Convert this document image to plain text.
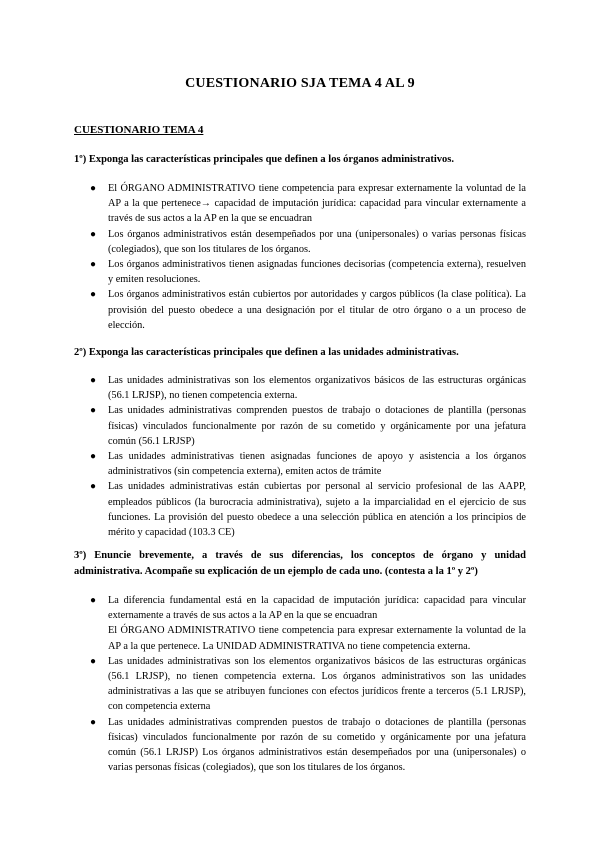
CUESTIONARIO SJA TEMA 4 AL 9
CUESTIONARIO TEMA 4

1º) Exponga las características principales que definen a los órganos administrativos.

● El ÓRGANO ADMINISTRATIVO tiene competencia para expresar externamente la voluntad de la AP a la que pertenece→ capacidad de imputación jurídica: capacidad para vincular externamente a través de sus actos a la AP en la que se encuadran

● Los órganos administrativos están desempeñados por una (unipersonales) o varias personas físicas (colegiados), que son los titulares de los órganos.

● Los órganos administrativos tienen asignadas funciones decisorias (competencia externa), resuelven y emiten resoluciones.

● Los órganos administrativos están cubiertos por autoridades y cargos públicos (la clase política). La provisión del puesto obedece a una designación por el titular de otro órgano o a un proceso de elección.

2º) Exponga las características principales que definen a las unidades administrativas.

● Las unidades administrativas son los elementos organizativos básicos de las estructuras orgánicas (56.1 LRJSP), no tienen competencia externa.

● Las unidades administrativas comprenden puestos de trabajo o dotaciones de plantilla (personas físicas) vinculados funcionalmente por razón de su cometido y orgánicamente por una jefatura común (56.1 LRJSP)

● Las unidades administrativas tienen asignadas funciones de apoyo y asistencia a los órganos administrativos (sin competencia externa), emiten actos de trámite

● Las unidades administrativas están cubiertas por personal al servicio profesional de las AAPP, empleados públicos (la burocracia administrativa), sujeto a la imparcialidad en el ejercicio de sus funciones. La provisión del puesto obedece a una selección pública en atención a los principios de mérito y capacidad (103.3 CE)

3º) Enuncie brevemente, a través de sus diferencias, los conceptos de órgano y unidad administrativa. Acompañe su explicación de un ejemplo de cada uno. (contesta a la 1º y 2º)

● La diferencia fundamental está en la capacidad de imputación jurídica: capacidad para vincular externamente a través de sus actos a la AP en la que se encuadran

El ÓRGANO ADMINISTRATIVO tiene competencia para expresar externamente la voluntad de la AP a la que pertenece. La UNIDAD ADMINISTRATIVA no tiene competencia externa.

● Las unidades administrativas son los elementos organizativos básicos de las estructuras orgánicas (56.1 LRJSP), no tienen competencia externa. Los órganos administrativos son las unidades administrativas a las que se atribuyen funciones con efectos jurídicos frente a terceros (5.1 LRJSP), con competencia externa

● Las unidades administrativas comprenden puestos de trabajo o dotaciones de plantilla (personas físicas) vinculados funcionalmente por razón de su cometido y orgánicamente por una jefatura común (56.1 LRJSP) Los órganos administrativos están desempeñados por una (unipersonales) o varias personas físicas (colegiados), que son los titulares de los órganos.
